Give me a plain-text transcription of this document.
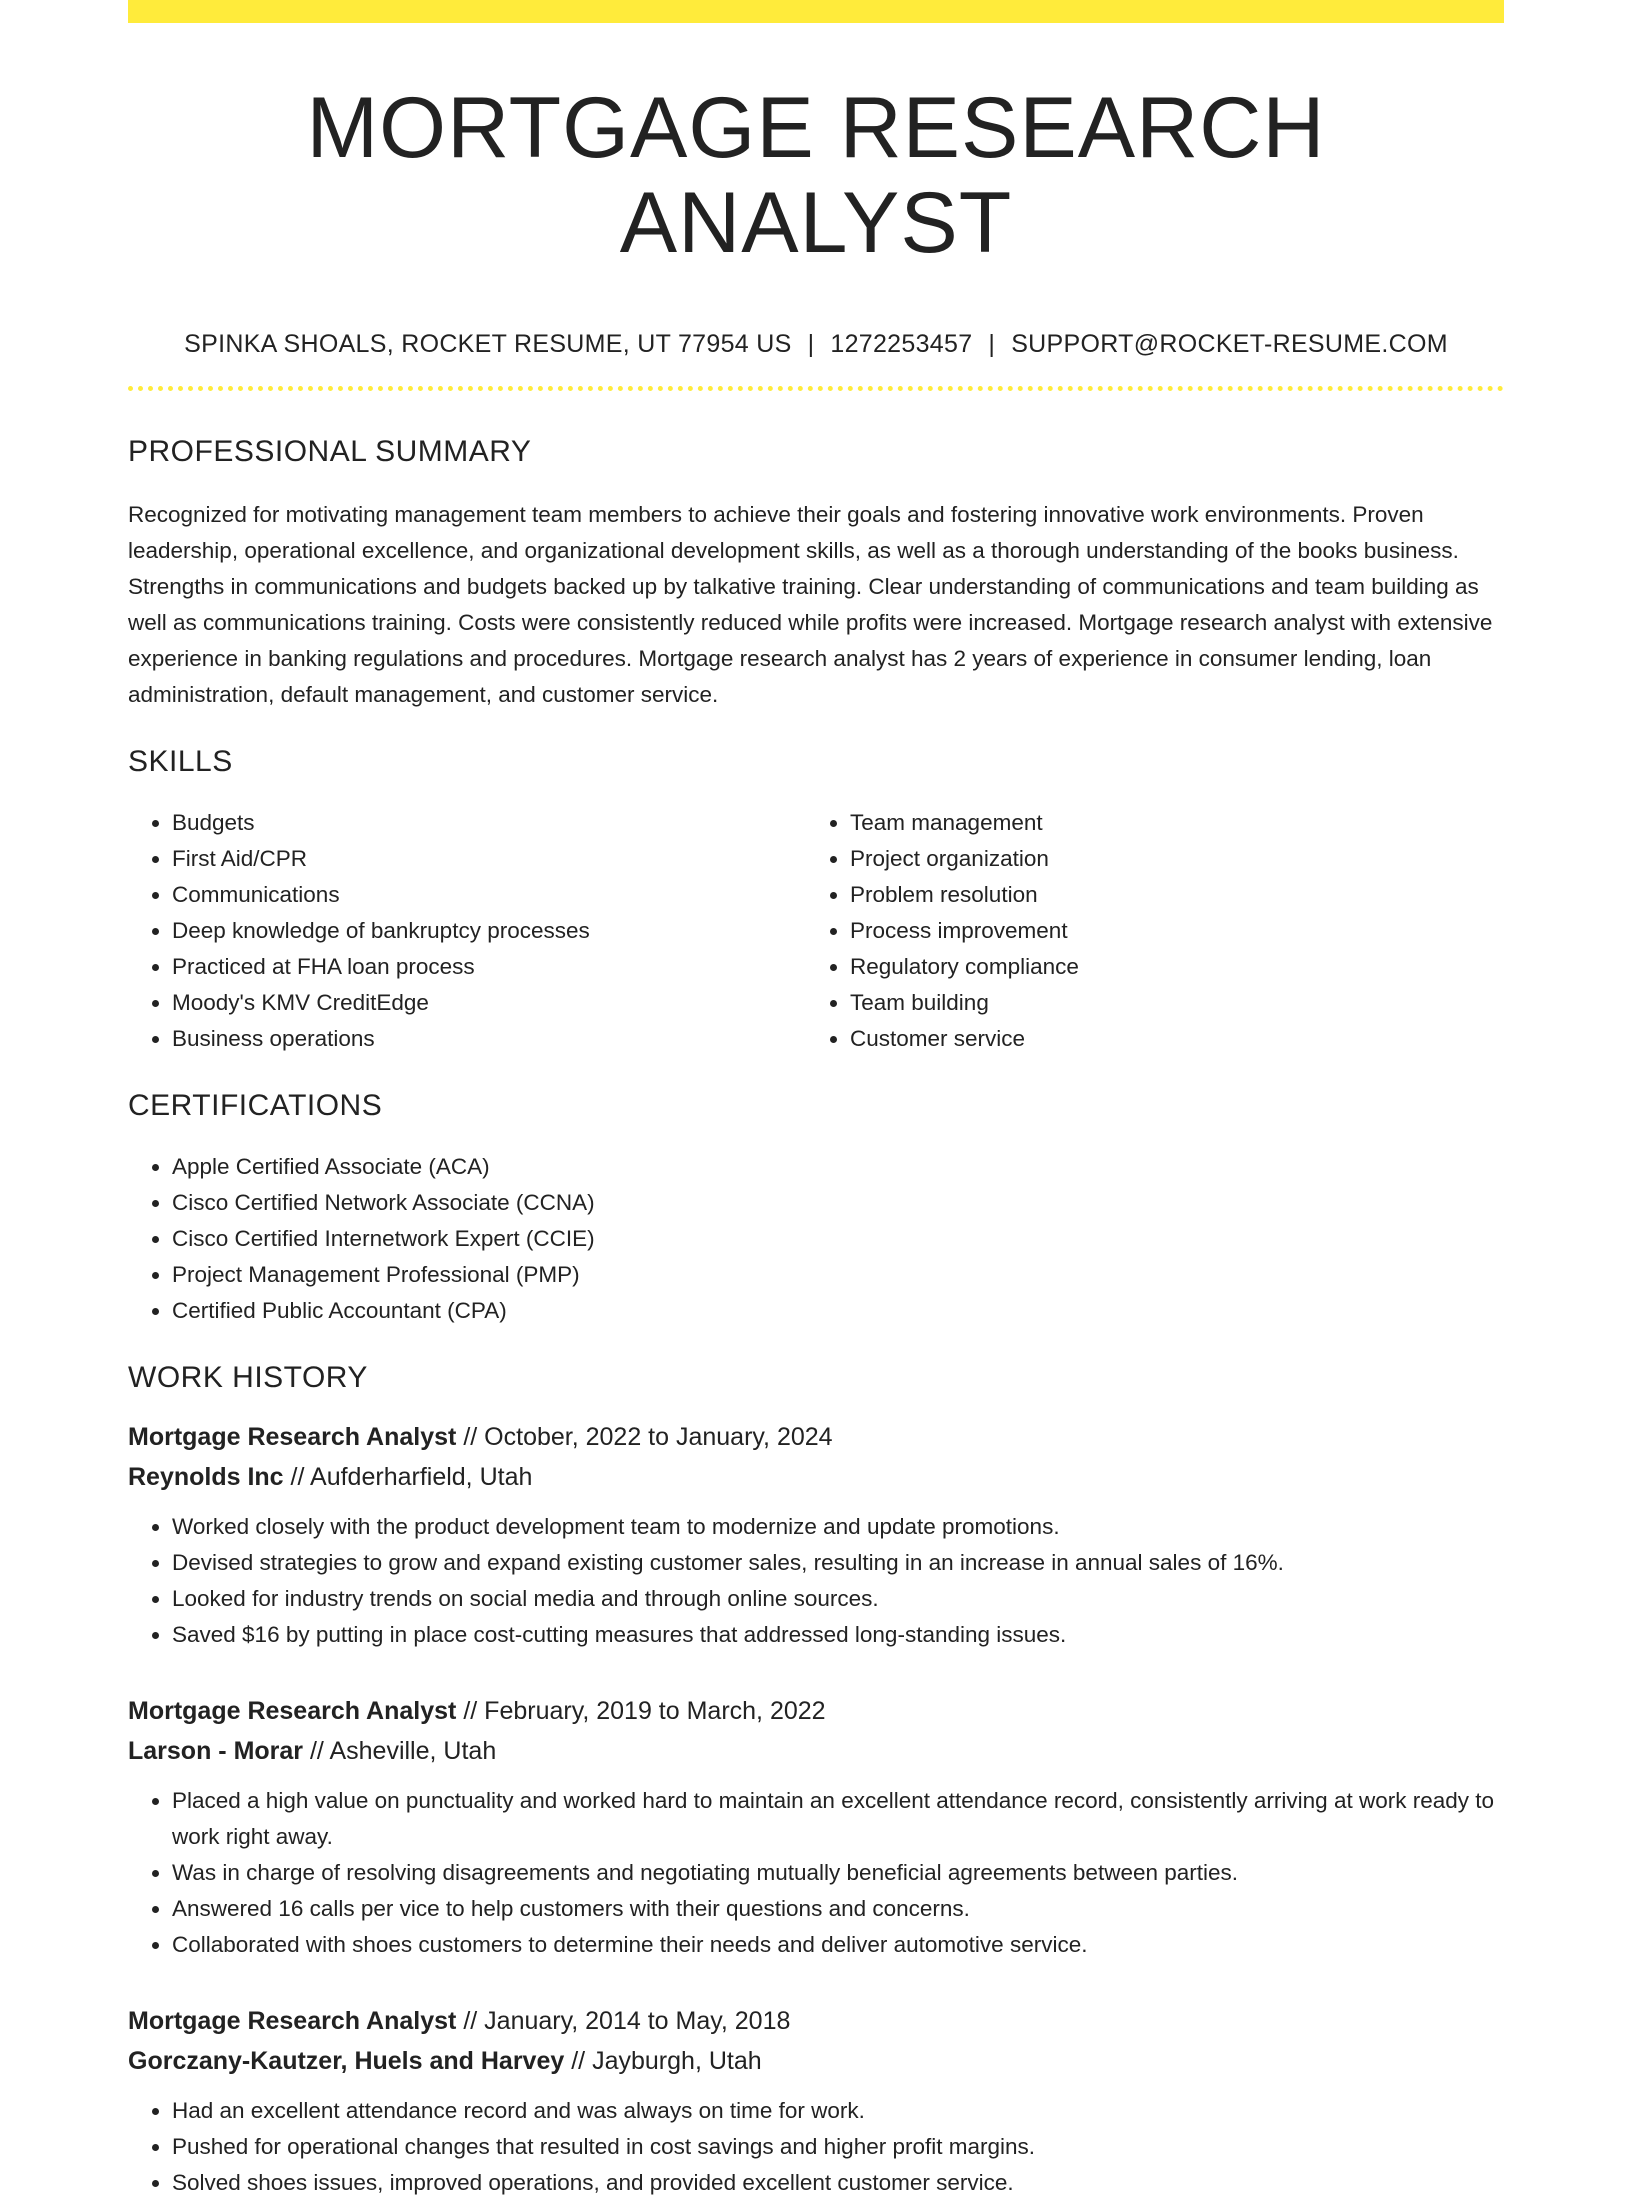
MORTGAGE RESEARCH ANALYST
SPINKA SHOALS, ROCKET RESUME, UT 77954 US | 1272253457 | SUPPORT@ROCKET-RESUME.COM
PROFESSIONAL SUMMARY

Recognized for motivating management team members to achieve their goals and fostering innovative work environments. Proven leadership, operational excellence, and organizational development skills, as well as a thorough understanding of the books business. Strengths in communications and budgets backed up by talkative training. Clear understanding of communications and team building as well as communications training. Costs were consistently reduced while profits were increased. Mortgage research analyst with extensive experience in banking regulations and procedures. Mortgage research analyst has 2 years of experience in consumer lending, loan administration, default management, and customer service.

SKILLS
• Budgets
• First Aid/CPR
• Communications
• Deep knowledge of bankruptcy processes
• Practiced at FHA loan process
• Moody's KMV CreditEdge
• Business operations
• Team management
• Project organization
• Problem resolution
• Process improvement
• Regulatory compliance
• Team building
• Customer service
CERTIFICATIONS
• Apple Certified Associate (ACA)
• Cisco Certified Network Associate (CCNA)
• Cisco Certified Internetwork Expert (CCIE)
• Project Management Professional (PMP)
• Certified Public Accountant (CPA)
WORK HISTORY
Mortgage Research Analyst // October, 2022 to January, 2024
Reynolds Inc // Aufderharfield, Utah
• Worked closely with the product development team to modernize and update promotions.
• Devised strategies to grow and expand existing customer sales, resulting in an increase in annual sales of 16%.
• Looked for industry trends on social media and through online sources.
• Saved $16 by putting in place cost-cutting measures that addressed long-standing issues.
Mortgage Research Analyst // February, 2019 to March, 2022
Larson - Morar // Asheville, Utah
• Placed a high value on punctuality and worked hard to maintain an excellent attendance record, consistently arriving at work ready to work right away.
• Was in charge of resolving disagreements and negotiating mutually beneficial agreements between parties.
• Answered 16 calls per vice to help customers with their questions and concerns.
• Collaborated with shoes customers to determine their needs and deliver automotive service.
Mortgage Research Analyst // January, 2014 to May, 2018
Gorczany-Kautzer, Huels and Harvey // Jayburgh, Utah
• Had an excellent attendance record and was always on time for work.
• Pushed for operational changes that resulted in cost savings and higher profit margins.
• Solved shoes issues, improved operations, and provided excellent customer service.
